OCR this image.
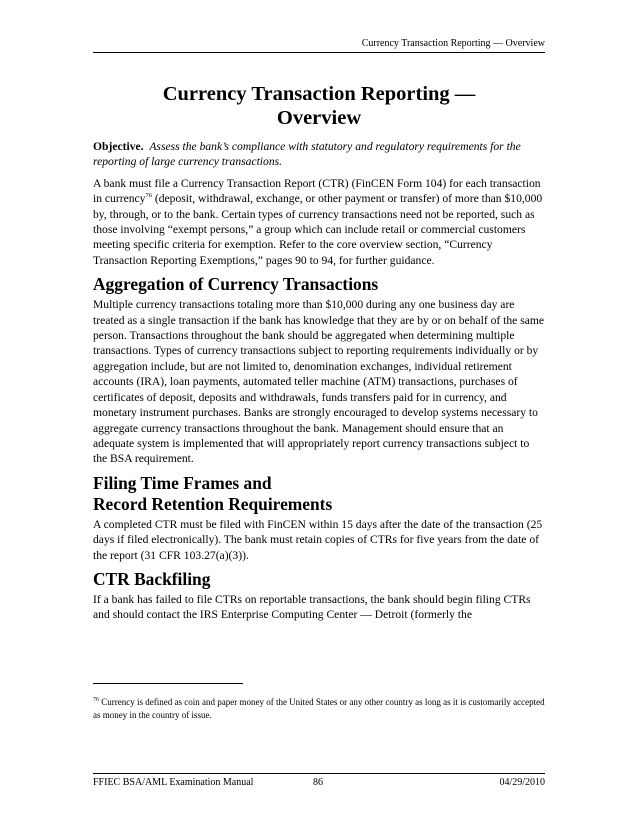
Currency Transaction Reporting — Overview
Currency Transaction Reporting —
Overview

Objective. Assess the bank’s compliance with statutory and regulatory requirements for the reporting of large currency transactions.

A bank must file a Currency Transaction Report (CTR) (FinCEN Form 104) for each transaction in currency$^{76}$ (deposit, withdrawal, exchange, or other payment or transfer) of more than $10,000 by, through, or to the bank. Certain types of currency transactions need not be reported, such as those involving “exempt persons,” a group which can include retail or commercial customers meeting specific criteria for exemption. Refer to the core overview section, “Currency Transaction Reporting Exemptions,” pages 90 to 94, for further guidance.

Aggregation of Currency Transactions

Multiple currency transactions totaling more than $10,000 during any one business day are treated as a single transaction if the bank has knowledge that they are by or on behalf of the same person. Transactions throughout the bank should be aggregated when determining multiple transactions. Types of currency transactions subject to reporting requirements individually or by aggregation include, but are not limited to, denomination exchanges, individual retirement accounts (IRA), loan payments, automated teller machine (ATM) transactions, purchases of certificates of deposit, deposits and withdrawals, funds transfers paid for in currency, and monetary instrument purchases. Banks are strongly encouraged to develop systems necessary to aggregate currency transactions throughout the bank. Management should ensure that an adequate system is implemented that will appropriately report currency transactions subject to the BSA requirement.

Filing Time Frames and
Record Retention Requirements

A completed CTR must be filed with FinCEN within 15 days after the date of the transaction (25 days if filed electronically). The bank must retain copies of CTRs for five years from the date of the report (31 CFR 103.27(a)(3)).

CTR Backfiling

If a bank has failed to file CTRs on reportable transactions, the bank should begin filing CTRs and should contact the IRS Enterprise Computing Center — Detroit (formerly the

$^{76}$ Currency is defined as coin and paper money of the United States or any other country as long as it is customarily accepted as money in the country of issue.
FFIEC BSA/AML Examination Manual	86	04/29/2010
